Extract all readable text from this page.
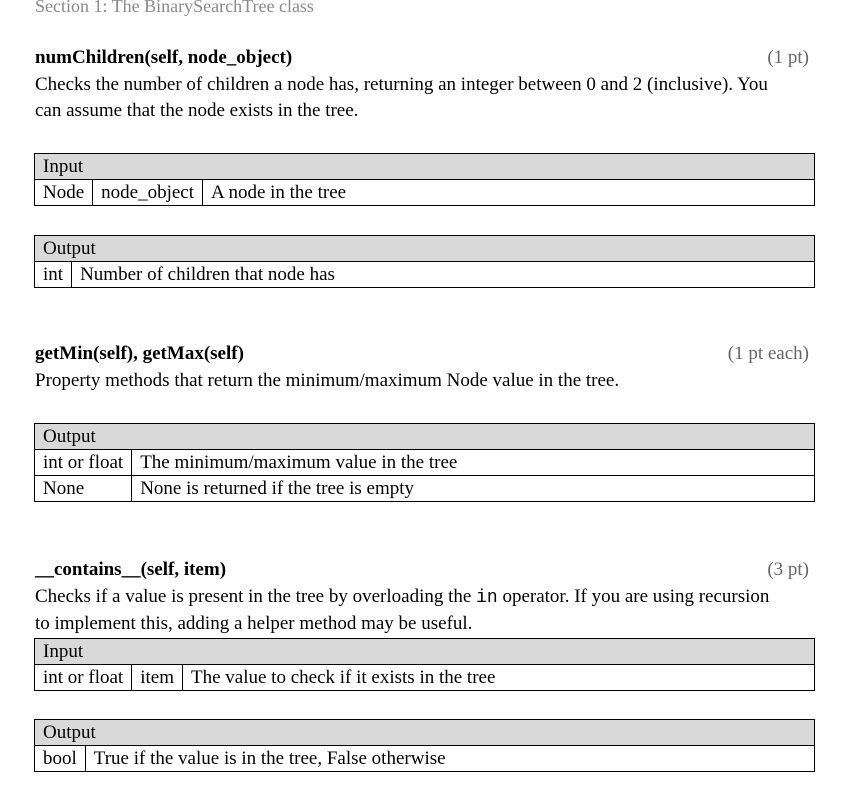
Section 1: The BinarySearchTree class
numChildren(self, node_object)	(1 pt)
Checks the number of children a node has, returning an integer between 0 and 2 (inclusive). You
can assume that the node exists in the tree.
Input
Node	node_object	A node in the tree
Output
int	Number of children that node has
getMin(self), getMax(self)	(1 pt each)
Property methods that return the minimum/maximum Node value in the tree.
Output	
int or float	The minimum/maximum value in the tree
None	None is returned if the tree is empty
__contains__(self, item)	(3 pt)
Checks if a value is present in the tree by overloading the in operator. If you are using recursion
to implement this, adding a helper method may be useful.
Input
int or float	item	The value to check if it exists in the tree
Output
bool	True if the value is in the tree, False otherwise
